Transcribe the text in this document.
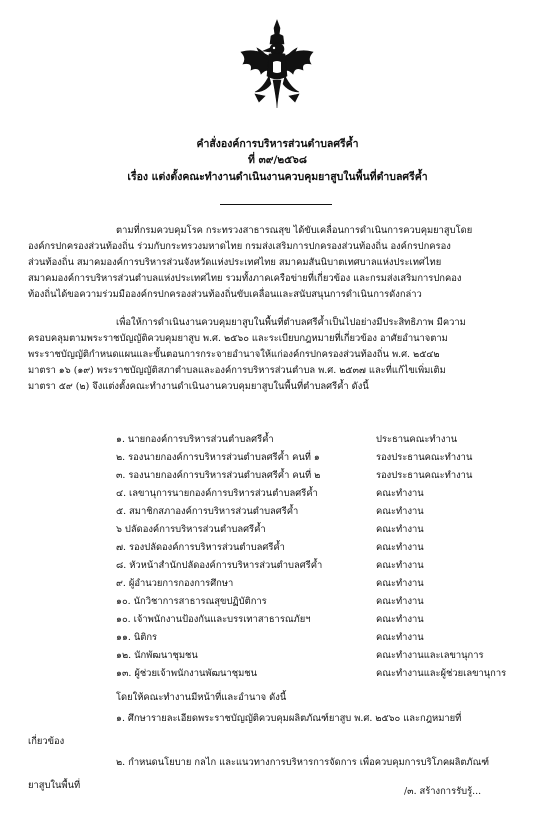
คำสั่งองค์การบริหารส่วนตำบลศรีค้ำ
ที่ ๓๙/๒๕๖๘
เรื่อง แต่งตั้งคณะทำงานดำเนินงานควบคุมยาสูบในพื้นที่ตำบลศรีค้ำ
ตามที่กรมควบคุมโรค กระทรวงสาธารณสุข ได้ขับเคลื่อนการดำเนินการควบคุมยาสูบโดย
องค์กรปกครองส่วนท้องถิ่น ร่วมกับกระทรวงมหาดไทย กรมส่งเสริมการปกครองส่วนท้องถิ่น องค์กรปกครอง
ส่วนท้องถิ่น สมาคมองค์การบริหารส่วนจังหวัดแห่งประเทศไทย สมาคมสันนิบาตเทศบาลแห่งประเทศไทย
สมาคมองค์การบริหารส่วนตำบลแห่งประเทศไทย รวมทั้งภาคเครือข่ายที่เกี่ยวข้อง และกรมส่งเสริมการปกคอง
ท้องถิ่นได้ขอความร่วมมือองค์กรปกครองส่วนท้องถิ่นขับเคลื่อนและสนับสนุนการดำเนินการดังกล่าว
เพื่อให้การดำเนินงานควบคุมยาสูบในพื้นที่ตำบลศรีค้ำเป็นไปอย่างมีประสิทธิภาพ มีความ
ครอบคลุมตามพระราชบัญญัติควบคุมยาสูบ พ.ศ. ๒๕๖๐ และระเบียบกฎหมายที่เกี่ยวข้อง อาศัยอำนาจตาม
พระราชบัญญัติกำหนดแผนและขั้นตอนการกระจายอำนาจให้แก่องค์กรปกครองส่วนท้องถิ่น พ.ศ. ๒๕๔๒
มาตรา ๑๖ (๑๙) พระราชบัญญัติสภาตำบลและองค์การบริหารส่วนตำบล พ.ศ. ๒๕๓๗ และที่แก้ไขเพิ่มเติม
มาตรา ๕๙ (๒) จึงแต่งตั้งคณะทำงานดำเนินงานควบคุมยาสูบในพื้นที่ตำบลศรีค้ำ ดังนี้
๑. นายกองค์การบริหารส่วนตำบลศรีค้ำ	ประธานคณะทำงาน
๒. รองนายกองค์การบริหารส่วนตำบลศรีค้ำ คนที่ ๑	รองประธานคณะทำงาน
๓. รองนายกองค์การบริหารส่วนตำบลศรีค้ำ คนที่ ๒	รองประธานคณะทำงาน
๔. เลขานุการนายกองค์การบริหารส่วนตำบลศรีค้ำ	คณะทำงาน
๕. สมาชิกสภาองค์การบริหารส่วนตำบลศรีค้ำ	คณะทำงาน
๖ ปลัดองค์การบริหารส่วนตำบลศรีค้ำ	คณะทำงาน
๗. รองปลัดองค์การบริหารส่วนตำบลศรีค้ำ	คณะทำงาน
๘. หัวหน้าสำนักปลัดองค์การบริหารส่วนตำบลศรีค้ำ	คณะทำงาน
๙. ผู้อำนวยการกองการศึกษา	คณะทำงาน
๑๐. นักวิชาการสาธารณสุขปฏิบัติการ	คณะทำงาน
๑๐. เจ้าพนักงานป้องกันและบรรเทาสาธารณภัยฯ	คณะทำงาน
๑๑. นิติกร	คณะทำงาน
๑๒. นักพัฒนาชุมชน	คณะทำงานและเลขานุการ
๑๓. ผู้ช่วยเจ้าพนักงานพัฒนาชุมชน	คณะทำงานและผู้ช่วยเลขานุการ
โดยให้คณะทำงานมีหน้าที่และอำนาจ ดังนี้
๑. ศึกษารายละเอียดพระราชบัญญัติควบคุมผลิตภัณฑ์ยาสูบ พ.ศ. ๒๕๖๐ และกฎหมายที่
เกี่ยวข้อง
๒. กำหนดนโยบาย กลไก และแนวทางการบริหารการจัดการ เพื่อควบคุมการบริโภคผลิตภัณฑ์
ยาสูบในพื้นที่
/๓. สร้างการรับรู้...
